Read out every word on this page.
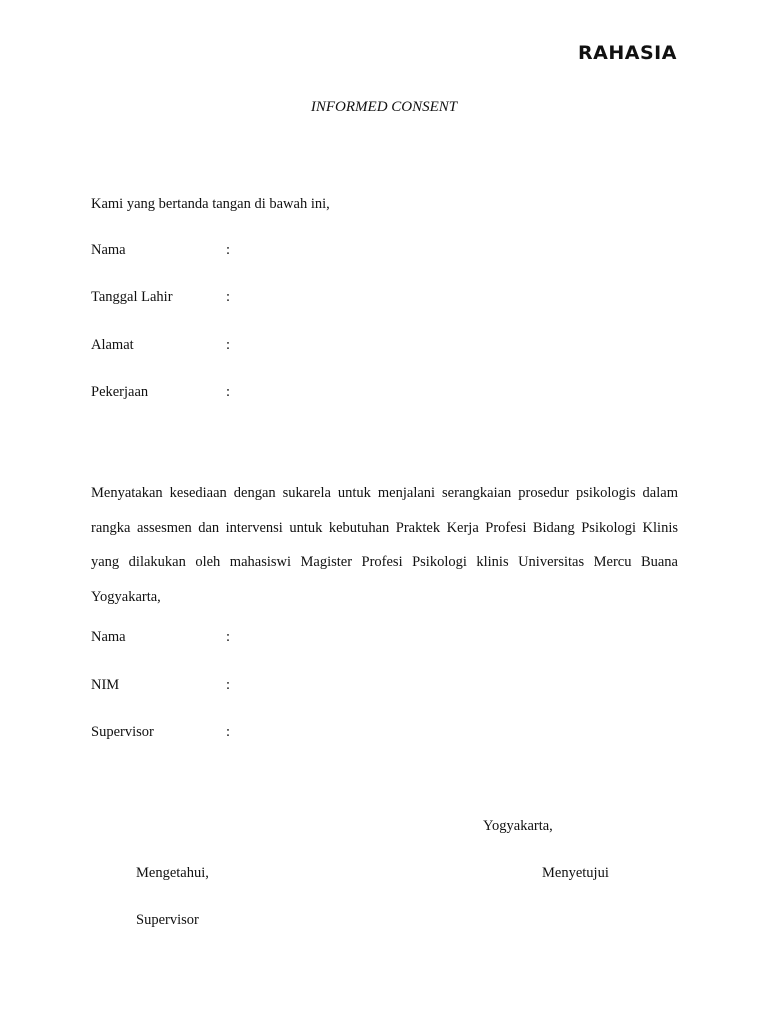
RAHASIA
INFORMED CONSENT
Kami yang bertanda tangan di bawah ini,
Nama	:
Tanggal Lahir	:
Alamat	:
Pekerjaan	:
Menyatakan kesediaan dengan sukarela untuk menjalani serangkaian prosedur psikologis dalam rangka assesmen dan intervensi untuk kebutuhan Praktek Kerja Profesi Bidang Psikologi Klinis yang dilakukan oleh mahasiswi Magister Profesi Psikologi klinis Universitas Mercu Buana Yogyakarta,
Nama	:
NIM	:
Supervisor	:
Yogyakarta,
Mengetahui,	Menyetujui
Supervisor
